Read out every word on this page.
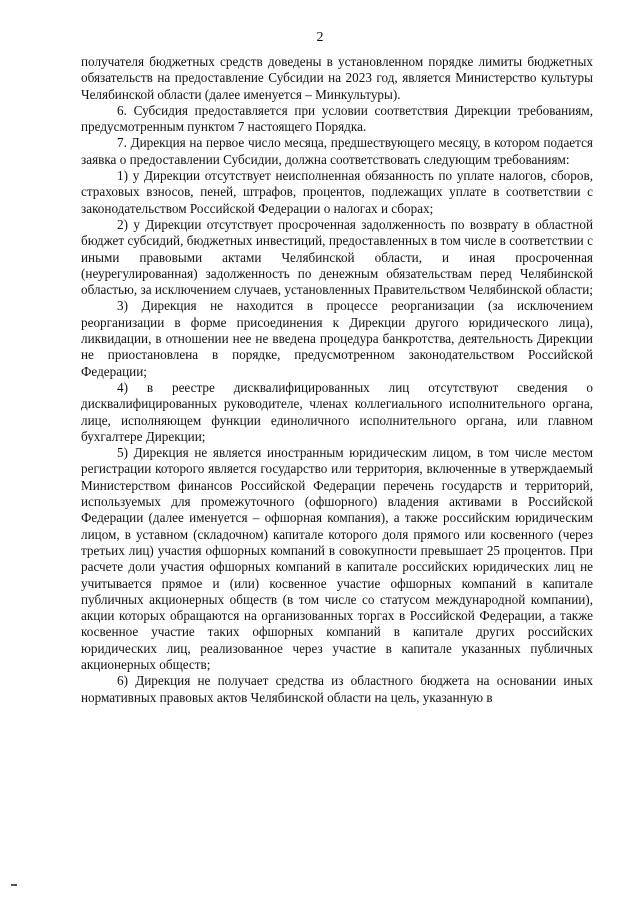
2

получателя бюджетных средств доведены в установленном порядке лимиты бюджетных обязательств на предоставление Субсидии на 2023 год, является Министерство культуры Челябинской области (далее именуется – Минкультуры).

6. Субсидия предоставляется при условии соответствия Дирекции требованиям, предусмотренным пунктом 7 настоящего Порядка.

7. Дирекция на первое число месяца, предшествующего месяцу, в котором подается заявка о предоставлении Субсидии, должна соответствовать следующим требованиям:

1) у Дирекции отсутствует неисполненная обязанность по уплате налогов, сборов, страховых взносов, пеней, штрафов, процентов, подлежащих уплате в соответствии с законодательством Российской Федерации о налогах и сборах;

2) у Дирекции отсутствует просроченная задолженность по возврату в областной бюджет субсидий, бюджетных инвестиций, предоставленных в том числе в соответствии с иными правовыми актами Челябинской области, и иная просроченная (неурегулированная) задолженность по денежным обязательствам перед Челябинской областью, за исключением случаев, установленных Правительством Челябинской области;

3) Дирекция не находится в процессе реорганизации (за исключением реорганизации в форме присоединения к Дирекции другого юридического лица), ликвидации, в отношении нее не введена процедура банкротства, деятельность Дирекции не приостановлена в порядке, предусмотренном законодательством Российской Федерации;

4) в реестре дисквалифицированных лиц отсутствуют сведения о дисквалифицированных руководителе, членах коллегиального исполнительного органа, лице, исполняющем функции единоличного исполнительного органа, или главном бухгалтере Дирекции;

5) Дирекция не является иностранным юридическим лицом, в том числе местом регистрации которого является государство или территория, включенные в утверждаемый Министерством финансов Российской Федерации перечень государств и территорий, используемых для промежуточного (офшорного) владения активами в Российской Федерации (далее именуется – офшорная компания), а также российским юридическим лицом, в уставном (складочном) капитале которого доля прямого или косвенного (через третьих лиц) участия офшорных компаний в совокупности превышает 25 процентов. При расчете доли участия офшорных компаний в капитале российских юридических лиц не учитывается прямое и (или) косвенное участие офшорных компаний в капитале публичных акционерных обществ (в том числе со статусом международной компании), акции которых обращаются на организованных торгах в Российской Федерации, а также косвенное участие таких офшорных компаний в капитале других российских юридических лиц, реализованное через участие в капитале указанных публичных акционерных обществ;

6) Дирекция не получает средства из областного бюджета на основании иных нормативных правовых актов Челябинской области на цель, указанную в
